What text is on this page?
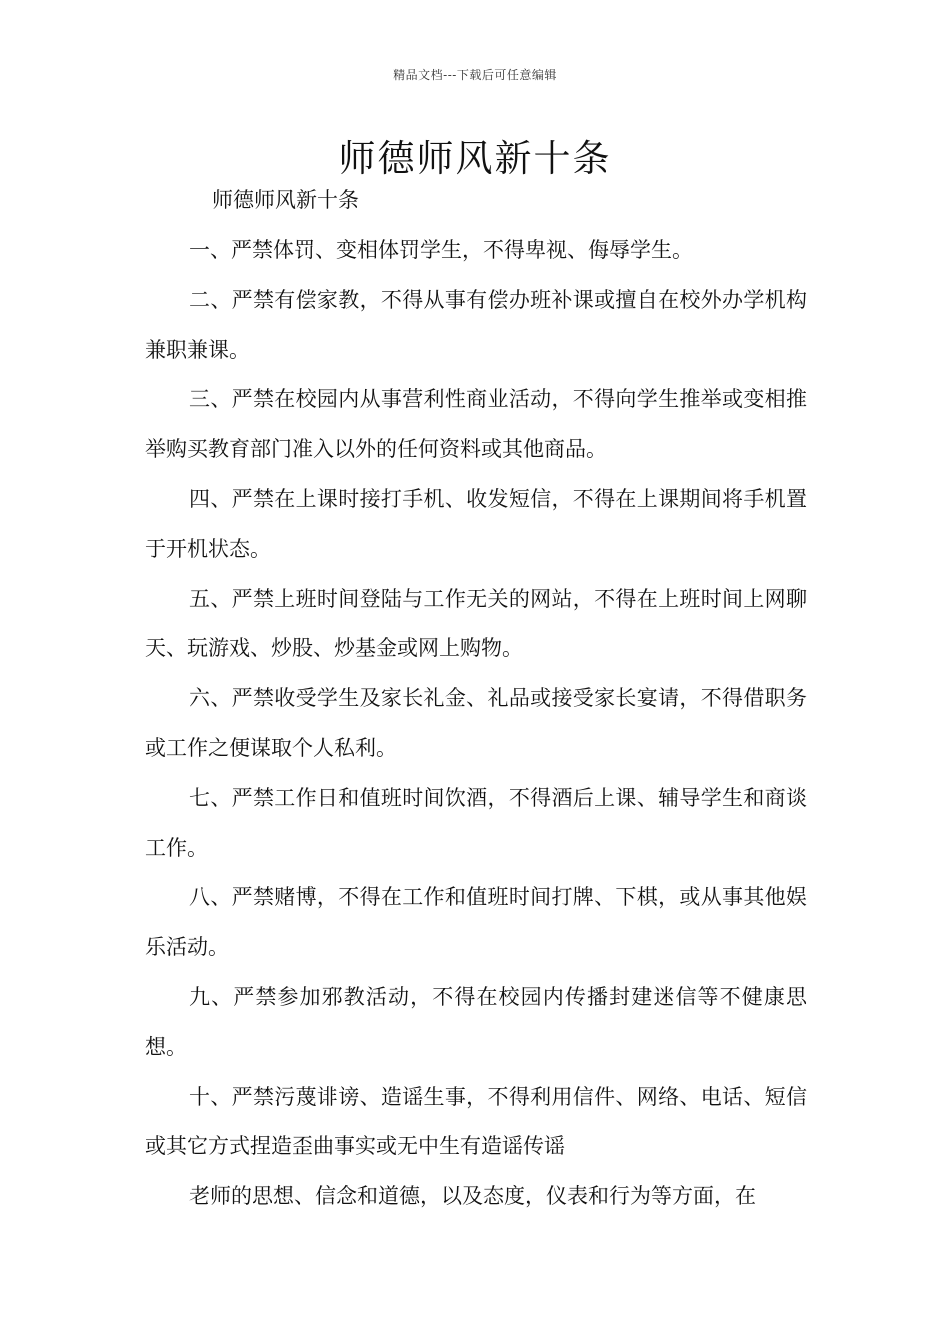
精品文档---下载后可任意编辑
师德师风新十条

师德师风新十条

一、严禁体罚、变相体罚学生，不得卑视、侮辱学生。

二、严禁有偿家教，不得从事有偿办班补课或擅自在校外办学机构兼职兼课。

三、严禁在校园内从事营利性商业活动，不得向学生推举或变相推举购买教育部门准入以外的任何资料或其他商品。

四、严禁在上课时接打手机、收发短信，不得在上课期间将手机置于开机状态。

五、严禁上班时间登陆与工作无关的网站，不得在上班时间上网聊天、玩游戏、炒股、炒基金或网上购物。

六、严禁收受学生及家长礼金、礼品或接受家长宴请，不得借职务或工作之便谋取个人私利。

七、严禁工作日和值班时间饮酒，不得酒后上课、辅导学生和商谈工作。

八、严禁赌博，不得在工作和值班时间打牌、下棋，或从事其他娱乐活动。

九、严禁参加邪教活动，不得在校园内传播封建迷信等不健康思想。

十、严禁污蔑诽谤、造谣生事，不得利用信件、网络、电话、短信或其它方式捏造歪曲事实或无中生有造谣传谣

老师的思想、信念和道德，以及态度，仪表和行为等方面，在
